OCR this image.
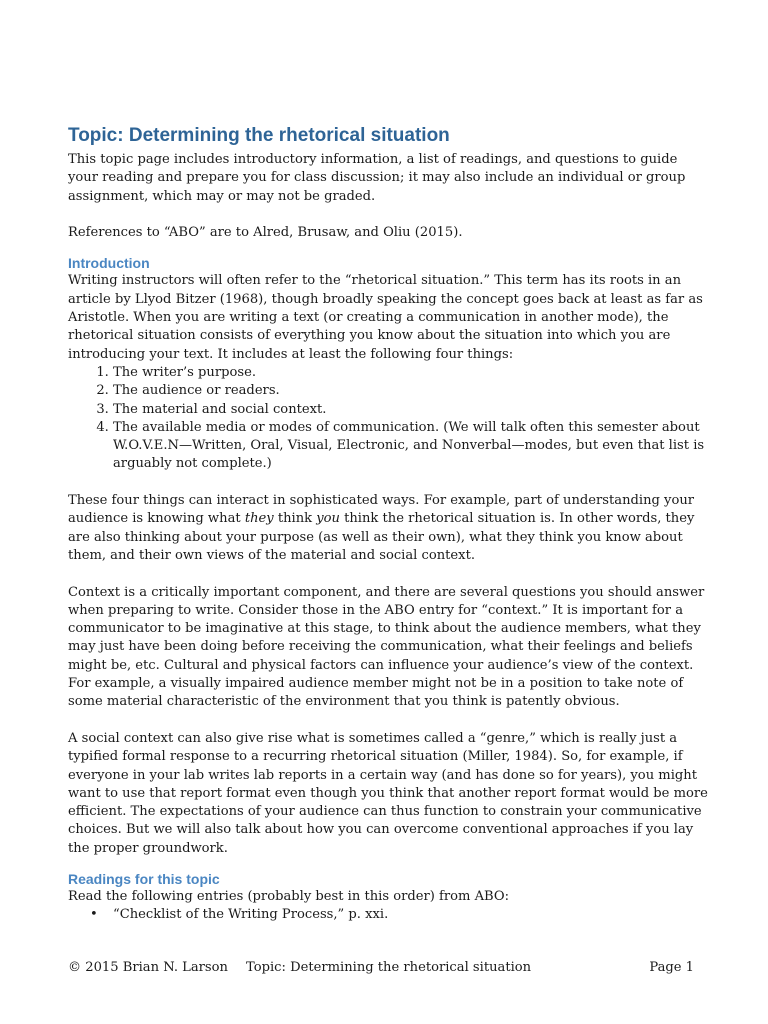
Topic: Determining the rhetorical situation

This topic page includes introductory information, a list of readings, and questions to guide your reading and prepare you for class discussion; it may also include an individual or group assignment, which may or may not be graded.

References to “ABO” are to Alred, Brusaw, and Oliu (2015).

Introduction

Writing instructors will often refer to the “rhetorical situation.” This term has its roots in an article by Llyod Bitzer (1968), though broadly speaking the concept goes back at least as far as Aristotle. When you are writing a text (or creating a communication in another mode), the rhetorical situation consists of everything you know about the situation into which you are introducing your text. It includes at least the following four things:

1. The writer’s purpose.
2. The audience or readers.
3. The material and social context.
4. The available media or modes of communication. (We will talk often this semester about W.O.V.E.N—Written, Oral, Visual, Electronic, and Nonverbal—modes, but even that list is arguably not complete.)

These four things can interact in sophisticated ways. For example, part of understanding your audience is knowing what they think you think the rhetorical situation is. In other words, they are also thinking about your purpose (as well as their own), what they think you know about them, and their own views of the material and social context.

Context is a critically important component, and there are several questions you should answer when preparing to write. Consider those in the ABO entry for “context.” It is important for a communicator to be imaginative at this stage, to think about the audience members, what they may just have been doing before receiving the communication, what their feelings and beliefs might be, etc. Cultural and physical factors can influence your audience’s view of the context. For example, a visually impaired audience member might not be in a position to take note of some material characteristic of the environment that you think is patently obvious.

A social context can also give rise what is sometimes called a “genre,” which is really just a typified formal response to a recurring rhetorical situation (Miller, 1984). So, for example, if everyone in your lab writes lab reports in a certain way (and has done so for years), you might want to use that report format even though you think that another report format would be more efficient. The expectations of your audience can thus function to constrain your communicative choices. But we will also talk about how you can overcome conventional approaches if you lay the proper groundwork.

Readings for this topic

Read the following entries (probably best in this order) from ABO:

• “Checklist of the Writing Process,” p. xxi.
© 2015 Brian N. Larson Topic: Determining the rhetorical situation	Page 1
